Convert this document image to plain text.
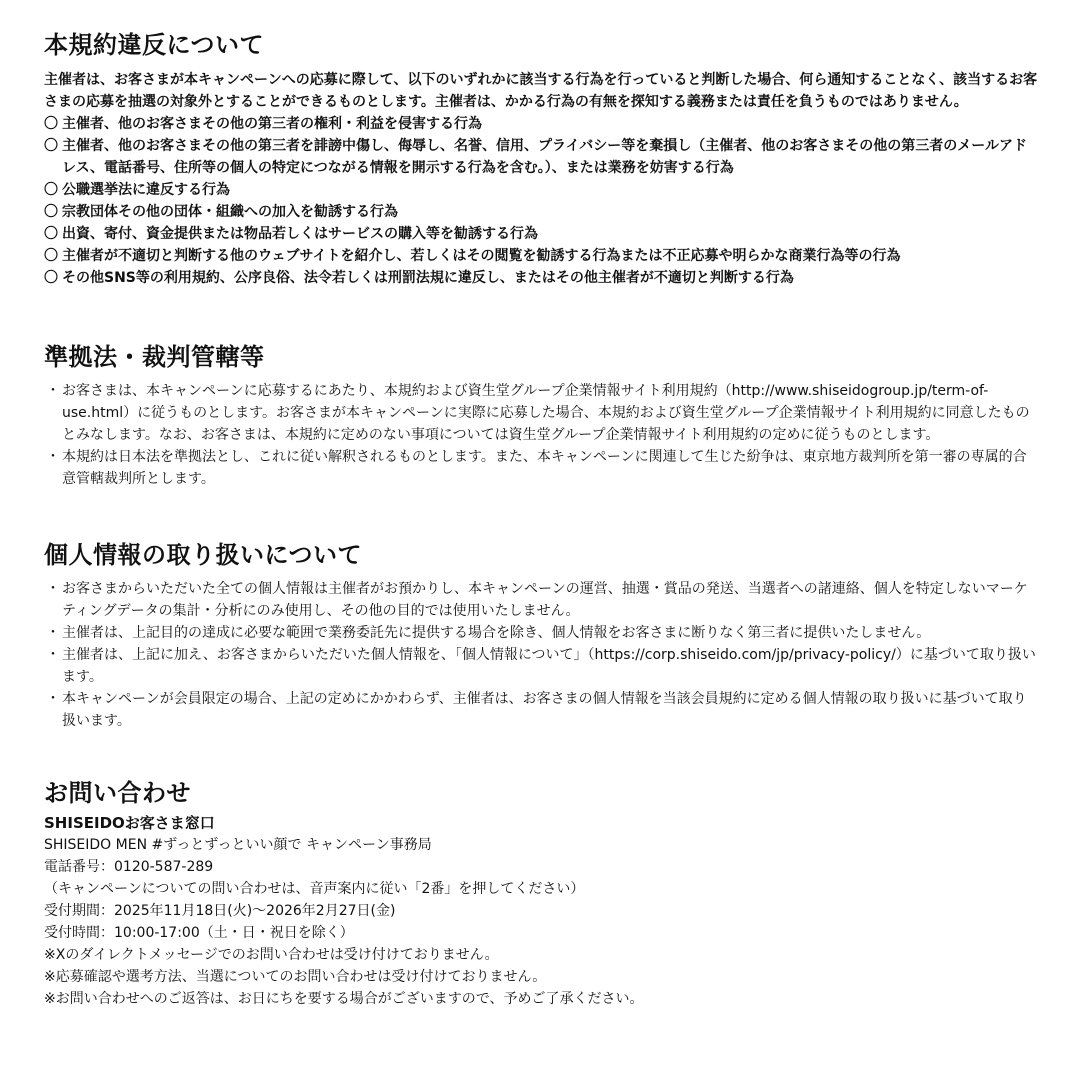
本規約違反について

主催者は、お客さまが本キャンペーンへの応募に際して、以下のいずれかに該当する行為を行っていると判断した場合、何ら通知することなく、該当するお客さまの応募を抽選の対象外とすることができるものとします。主催者は、かかる行為の有無を探知する義務または責任を負うものではありません。

〇 主催者、他のお客さまその他の第三者の権利・利益を侵害する行為
〇 主催者、他のお客さまその他の第三者を誹謗中傷し、侮辱し、名誉、信用、プライバシー等を棄損し（主催者、他のお客さまその他の第三者のメールアドレス、電話番号、住所等の個人の特定につながる情報を開示する行為を含む。）、または業務を妨害する行為
〇 公職選挙法に違反する行為
〇 宗教団体その他の団体・組織への加入を勧誘する行為
〇 出資、寄付、資金提供または物品若しくはサービスの購入等を勧誘する行為
〇 主催者が不適切と判断する他のウェブサイトを紹介し、若しくはその閲覧を勧誘する行為または不正応募や明らかな商業行為等の行為
〇 その他SNS等の利用規約、公序良俗、法令若しくは刑罰法規に違反し、またはその他主催者が不適切と判断する行為
準拠法・裁判管轄等
・ お客さまは、本キャンペーンに応募するにあたり、本規約および資生堂グループ企業情報サイト利用規約（http://www.shiseidogroup.jp/term-of-use.html）に従うものとします。お客さまが本キャンペーンに実際に応募した場合、本規約および資生堂グループ企業情報サイト利用規約に同意したものとみなします。なお、お客さまは、本規約に定めのない事項については資生堂グループ企業情報サイト利用規約の定めに従うものとします。
・ 本規約は日本法を準拠法とし、これに従い解釈されるものとします。また、本キャンペーンに関連して生じた紛争は、東京地方裁判所を第一審の専属的合意管轄裁判所とします。
個人情報の取り扱いについて
・ お客さまからいただいた全ての個人情報は主催者がお預かりし、本キャンペーンの運営、抽選・賞品の発送、当選者への諸連絡、個人を特定しないマーケティングデータの集計・分析にのみ使用し、その他の目的では使用いたしません。
・ 主催者は、上記目的の達成に必要な範囲で業務委託先に提供する場合を除き、個人情報をお客さまに断りなく第三者に提供いたしません。
・ 主催者は、上記に加え、お客さまからいただいた個人情報を、「個人情報について」（https://corp.shiseido.com/jp/privacy-policy/）に基づいて取り扱います。
・ 本キャンペーンが会員限定の場合、上記の定めにかかわらず、主催者は、お客さまの個人情報を当該会員規約に定める個人情報の取り扱いに基づいて取り扱います。
お問い合わせ

SHISEIDOお客さま窓口

SHISEIDO MEN #ずっとずっといい顔で キャンペーン事務局

電話番号：0120-587-289

（キャンペーンについての問い合わせは、音声案内に従い「2番」を押してください）

受付期間：2025年11月18日(火)～2026年2月27日(金)

受付時間：10:00-17:00（土・日・祝日を除く）

※Xのダイレクトメッセージでのお問い合わせは受け付けておりません。

※応募確認や選考方法、当選についてのお問い合わせは受け付けておりません。

※お問い合わせへのご返答は、お日にちを要する場合がございますので、予めご了承ください。
